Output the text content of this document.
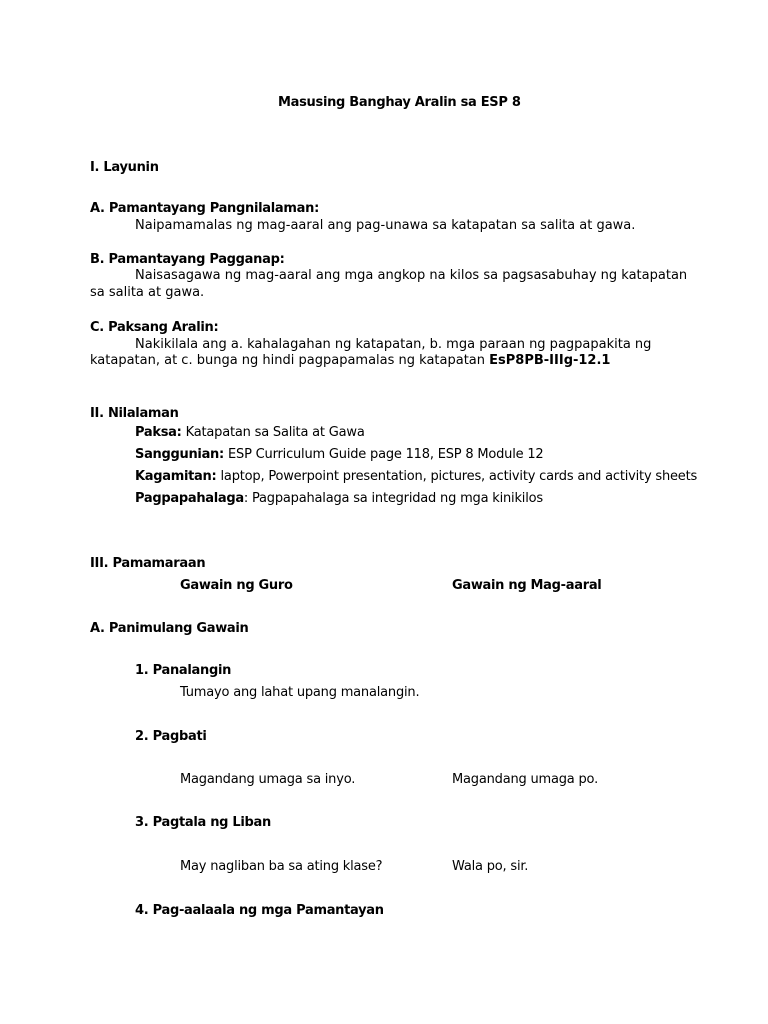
Masusing Banghay Aralin sa ESP 8
I. Layunin
A. Pamantayang Pangnilalaman:
Naipamamalas ng mag-aaral ang pag-unawa sa katapatan sa salita at gawa.
B. Pamantayang Pagganap:
Naisasagawa ng mag-aaral ang mga angkop na kilos sa pagsasabuhay ng katapatan
sa salita at gawa.
C. Paksang Aralin:
Nakikilala ang a. kahalagahan ng katapatan, b. mga paraan ng pagpapakita ng
katapatan, at c. bunga ng hindi pagpapamalas ng katapatan EsP8PB-IIIg-12.1
II. Nilalaman
Paksa: Katapatan sa Salita at Gawa
Sanggunian: ESP Curriculum Guide page 118, ESP 8 Module 12
Kagamitan: laptop, Powerpoint presentation, pictures, activity cards and activity sheets
Pagpapahalaga: Pagpapahalaga sa integridad ng mga kinikilos
III. Pamamaraan
Gawain ng Guro	Gawain ng Mag-aaral
A. Panimulang Gawain
1. Panalangin
Tumayo ang lahat upang manalangin.
2. Pagbati
Magandang umaga sa inyo.	Magandang umaga po.
3. Pagtala ng Liban
May nagliban ba sa ating klase?	Wala po, sir.
4. Pag-aalaala ng mga Pamantayan
